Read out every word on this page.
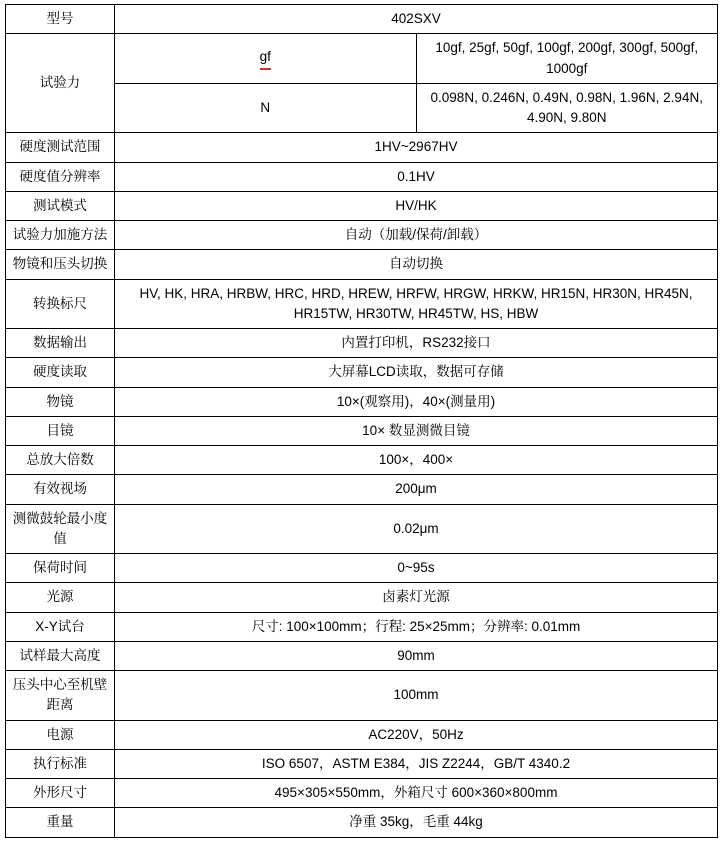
型号	402SXV	
试验力	gf	10gf, 25gf, 50gf, 100gf, 200gf, 300gf, 500gf, 1000gf
	N	0.098N, 0.246N, 0.49N, 0.98N, 1.96N, 2.94N, 4.90N, 9.80N
硬度测试范围	1HV~2967HV	
硬度值分辨率	0.1HV	
测试模式	HV/HK	
试验力加施方法	自动（加载/保荷/卸载）	
物镜和压头切换	自动切换	
转换标尺	HV, HK, HRA, HRBW, HRC, HRD, HREW, HRFW, HRGW, HRKW, HR15N, HR30N, HR45N, HR15TW, HR30TW, HR45TW, HS, HBW	
数据输出	内置打印机，RS232接口	
硬度读取	大屏幕LCD读取，数据可存储	
物镜	10×(观察用)，40×(测量用)	
目镜	10× 数显测微目镜	
总放大倍数	100×，400×	
有效视场	200μm	
测微鼓轮最小度值	0.02μm	
保荷时间	0~95s	
光源	卤素灯光源	
X-Y试台	尺寸: 100×100mm；行程: 25×25mm；分辨率: 0.01mm	
试样最大高度	90mm	
压头中心至机壁距离	100mm	
电源	AC220V，50Hz	
执行标准	ISO 6507，ASTM E384，JIS Z2244，GB/T 4340.2	
外形尺寸	495×305×550mm，外箱尺寸 600×360×800mm	
重量	净重 35kg，毛重 44kg	
